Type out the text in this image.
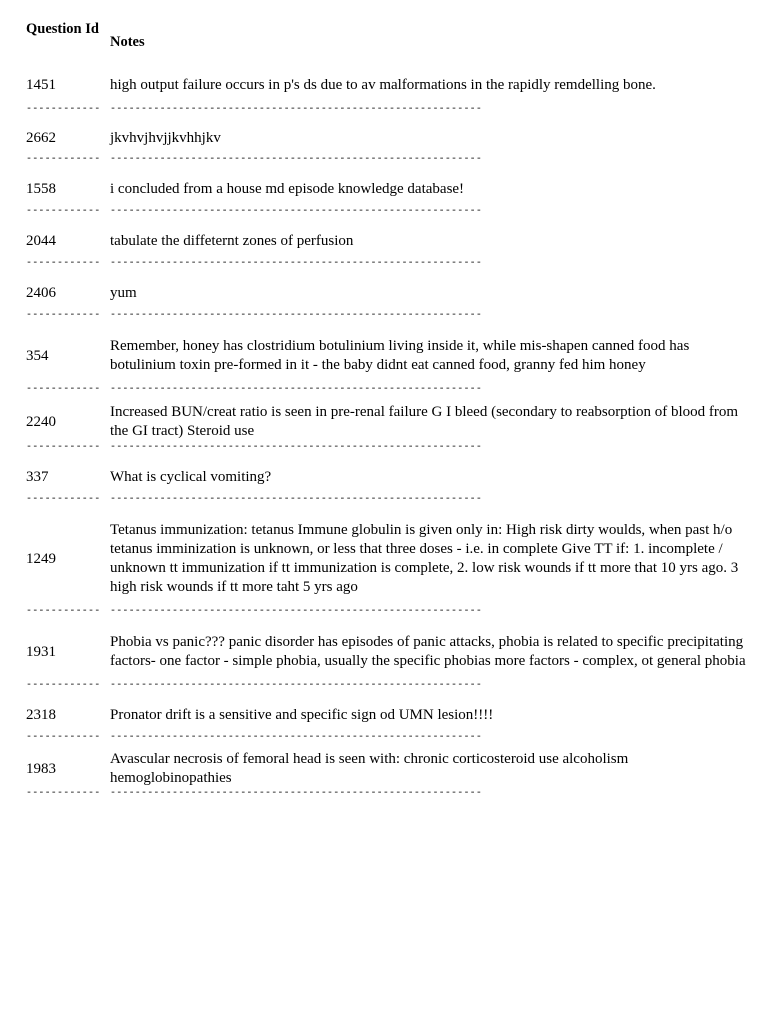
Question Id
Notes
1451	high output failure occurs in p's ds due to av malformations in the rapidly remdelling bone.
------------ ------------------------------------------------------------
2662	jkvhvjhvjjkvhhjkv
------------ ------------------------------------------------------------
1558	i concluded from a house md episode knowledge database!
------------ ------------------------------------------------------------
2044	tabulate the diffeternt zones of perfusion
------------ ------------------------------------------------------------
2406	yum
------------ ------------------------------------------------------------
354
Remember, honey has clostridium botulinium living inside it, while mis-shapen canned food has botulinium toxin pre-formed in it - the baby didnt eat canned food, granny fed him honey
------------ ------------------------------------------------------------
2240
Increased BUN/creat ratio is seen in pre-renal failure G I bleed (secondary to reabsorption of blood from the GI tract) Steroid use
------------ ------------------------------------------------------------
337	What is cyclical vomiting?
------------ ------------------------------------------------------------
1249
Tetanus immunization: tetanus Immune globulin is given only in: High risk dirty woulds, when past h/o tetanus imminization is unknown, or less that three doses - i.e. in complete Give TT if: 1. incomplete / unknown tt immunization if tt immunization is complete, 2. low risk wounds if tt more that 10 yrs ago. 3 high risk wounds if tt more taht 5 yrs ago
------------ ------------------------------------------------------------
1931
Phobia vs panic??? panic disorder has episodes of panic attacks, phobia is related to specific precipitating factors- one factor - simple phobia, usually the specific phobias more factors - complex, ot general phobia
------------ ------------------------------------------------------------
2318	Pronator drift is a sensitive and specific sign od UMN lesion!!!!
------------ ------------------------------------------------------------
1983
Avascular necrosis of femoral head is seen with: chronic corticosteroid use alcoholism hemoglobinopathies
------------ ------------------------------------------------------------
